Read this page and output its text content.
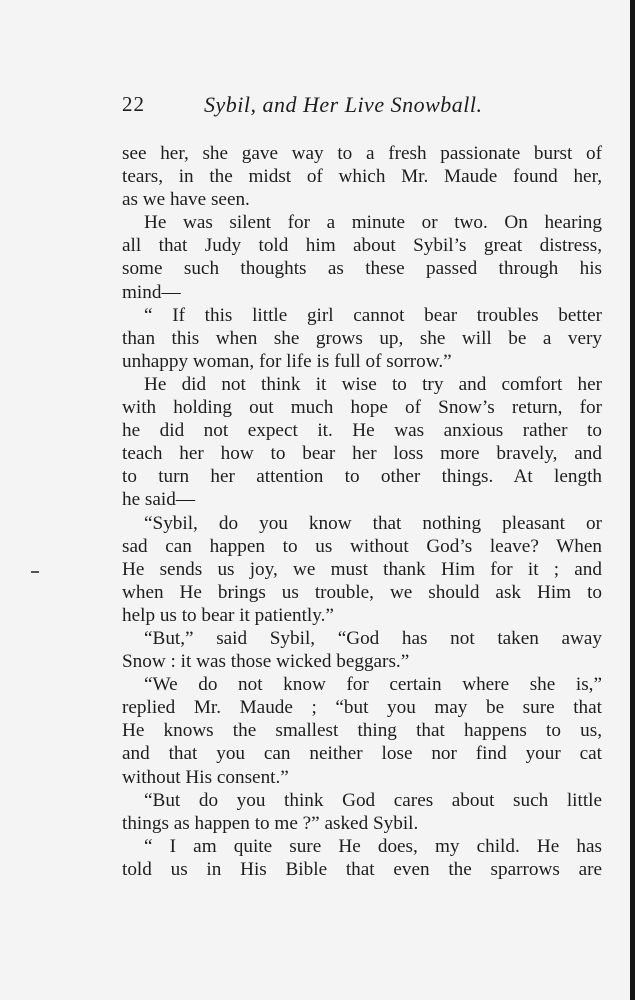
22	Sybil, and Her Live Snowball.
see her, she gave way to a fresh passionate burst of
tears, in the midst of which Mr. Maude found her,
as we have seen.
He was silent for a minute or two. On hearing
all that Judy told him about Sybil’s great distress,
some such thoughts as these passed through his
mind—
“ If this little girl cannot bear troubles better
than this when she grows up, she will be a very
unhappy woman, for life is full of sorrow.”
He did not think it wise to try and comfort her
with holding out much hope of Snow’s return, for
he did not expect it. He was anxious rather to
teach her how to bear her loss more bravely, and
to turn her attention to other things. At length
he said—
“Sybil, do you know that nothing pleasant or
sad can happen to us without God’s leave? When
He sends us joy, we must thank Him for it ; and
when He brings us trouble, we should ask Him to
help us to bear it patiently.”
“But,” said Sybil, “God has not taken away
Snow : it was those wicked beggars.”
“We do not know for certain where she is,”
replied Mr. Maude ; “but you may be sure that
He knows the smallest thing that happens to us,
and that you can neither lose nor find your cat
without His consent.”
“But do you think God cares about such little
things as happen to me ?” asked Sybil.
“ I am quite sure He does, my child. He has
told us in His Bible that even the sparrows are
